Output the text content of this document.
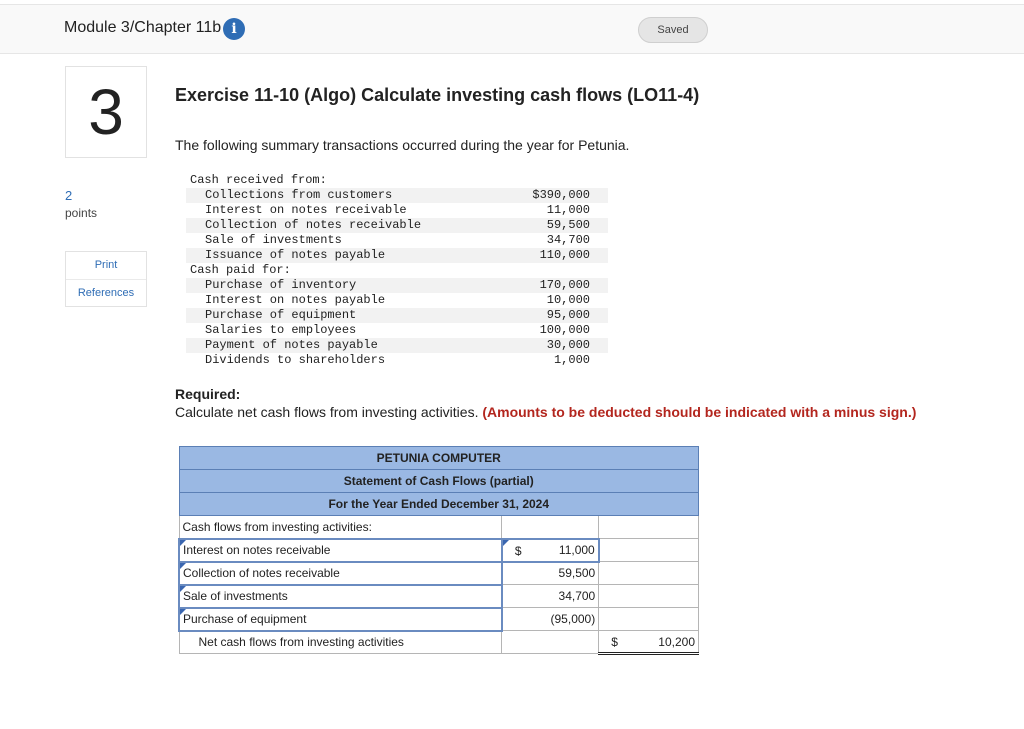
Module 3/Chapter 11b i	Saved
3
2
points
Print
References
Exercise 11-10 (Algo) Calculate investing cash flows (LO11-4)
The following summary transactions occurred during the year for Petunia.
Cash received from:	
Collections from customers	$390,000
Interest on notes receivable	11,000
Collection of notes receivable	59,500
Sale of investments	34,700
Issuance of notes payable	110,000
Cash paid for:	
Purchase of inventory	170,000
Interest on notes payable	10,000
Purchase of equipment	95,000
Salaries to employees	100,000
Payment of notes payable	30,000
Dividends to shareholders	1,000
Required:
Calculate net cash flows from investing activities. (Amounts to be deducted should be indicated with a minus sign.)
PETUNIA COMPUTER		
Statement of Cash Flows (partial)		
For the Year Ended December 31, 2024		
Cash flows from investing activities:		
Interest on notes receivable	$ 11,000	
Collection of notes receivable	59,500	
Sale of investments	34,700	
Purchase of equipment	(95,000)	
Net cash flows from investing activities		$ 10,200
